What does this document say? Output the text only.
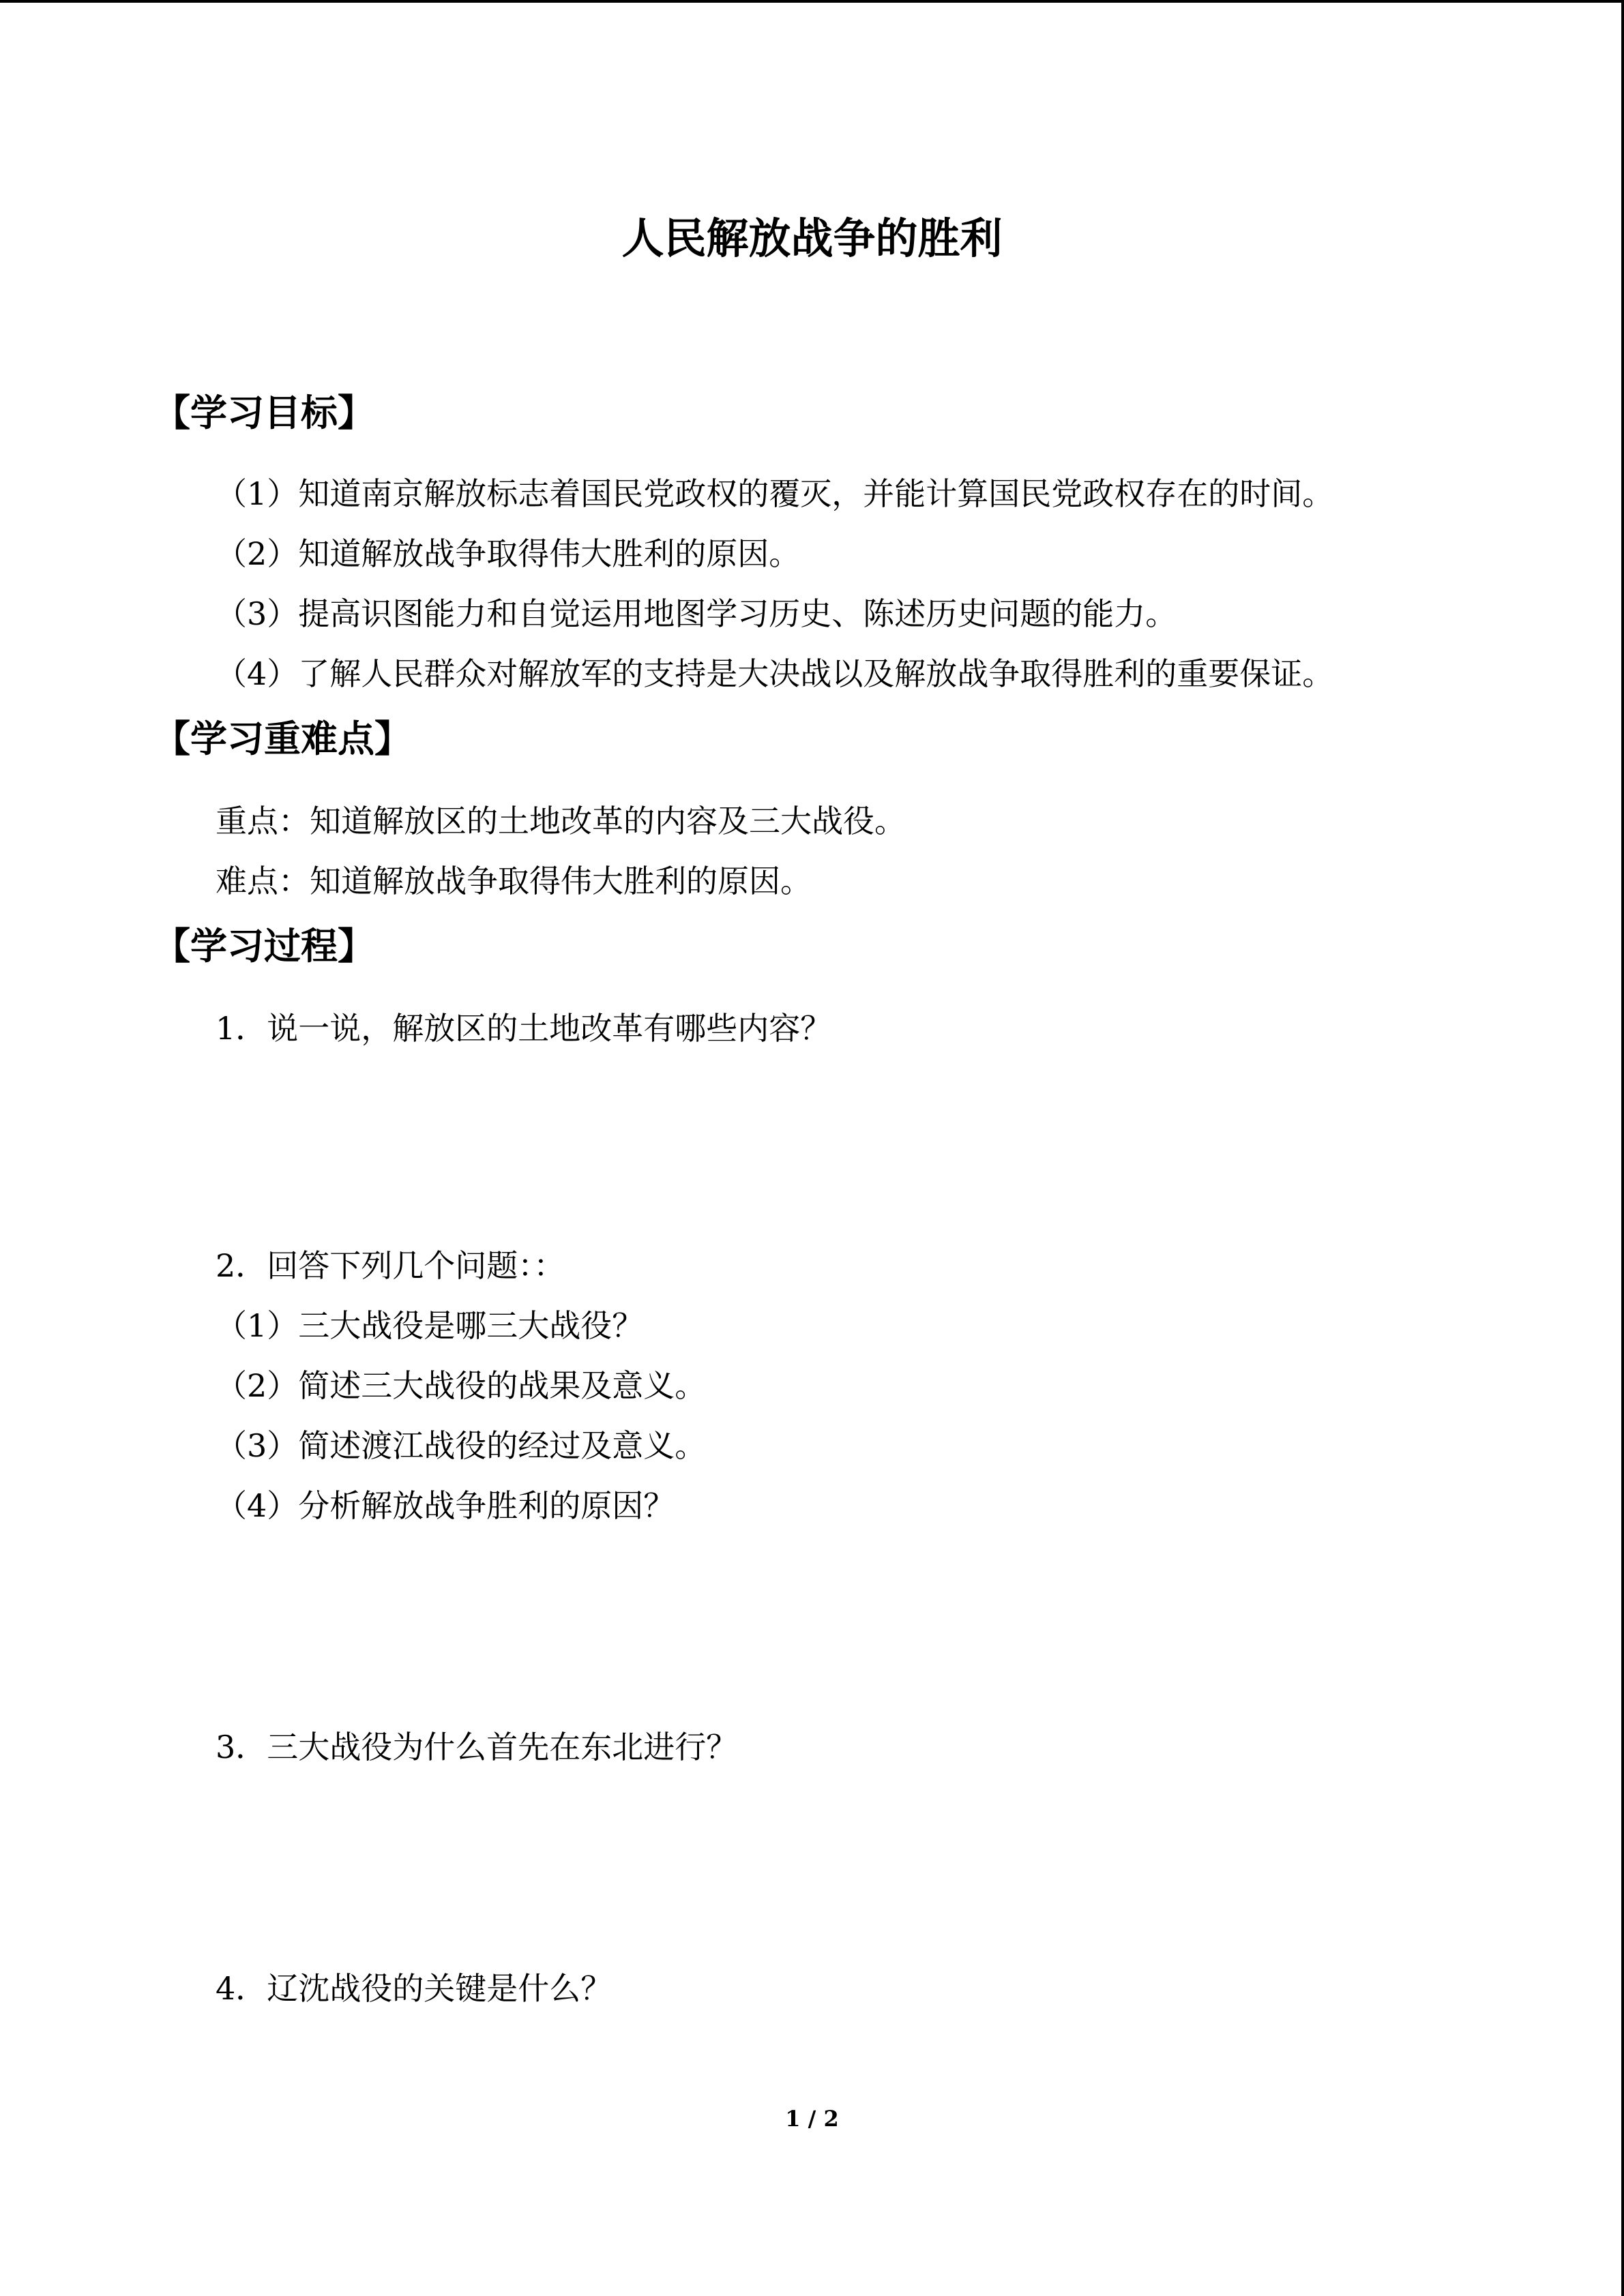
人民解放战争的胜利
【学习目标】
（1）知道南京解放标志着国民党政权的覆灭，并能计算国民党政权存在的时间。
（2）知道解放战争取得伟大胜利的原因。
（3）提高识图能力和自觉运用地图学习历史、陈述历史问题的能力。
（4）了解人民群众对解放军的支持是大决战以及解放战争取得胜利的重要保证。
【学习重难点】
重点：知道解放区的土地改革的内容及三大战役。
难点：知道解放战争取得伟大胜利的原因。
【学习过程】
1．说一说，解放区的土地改革有哪些内容？
2．回答下列几个问题：：
（1）三大战役是哪三大战役？
（2）简述三大战役的战果及意义。
（3）简述渡江战役的经过及意义。
（4）分析解放战争胜利的原因？
3．三大战役为什么首先在东北进行？
4．辽沈战役的关键是什么？
1 / 2
